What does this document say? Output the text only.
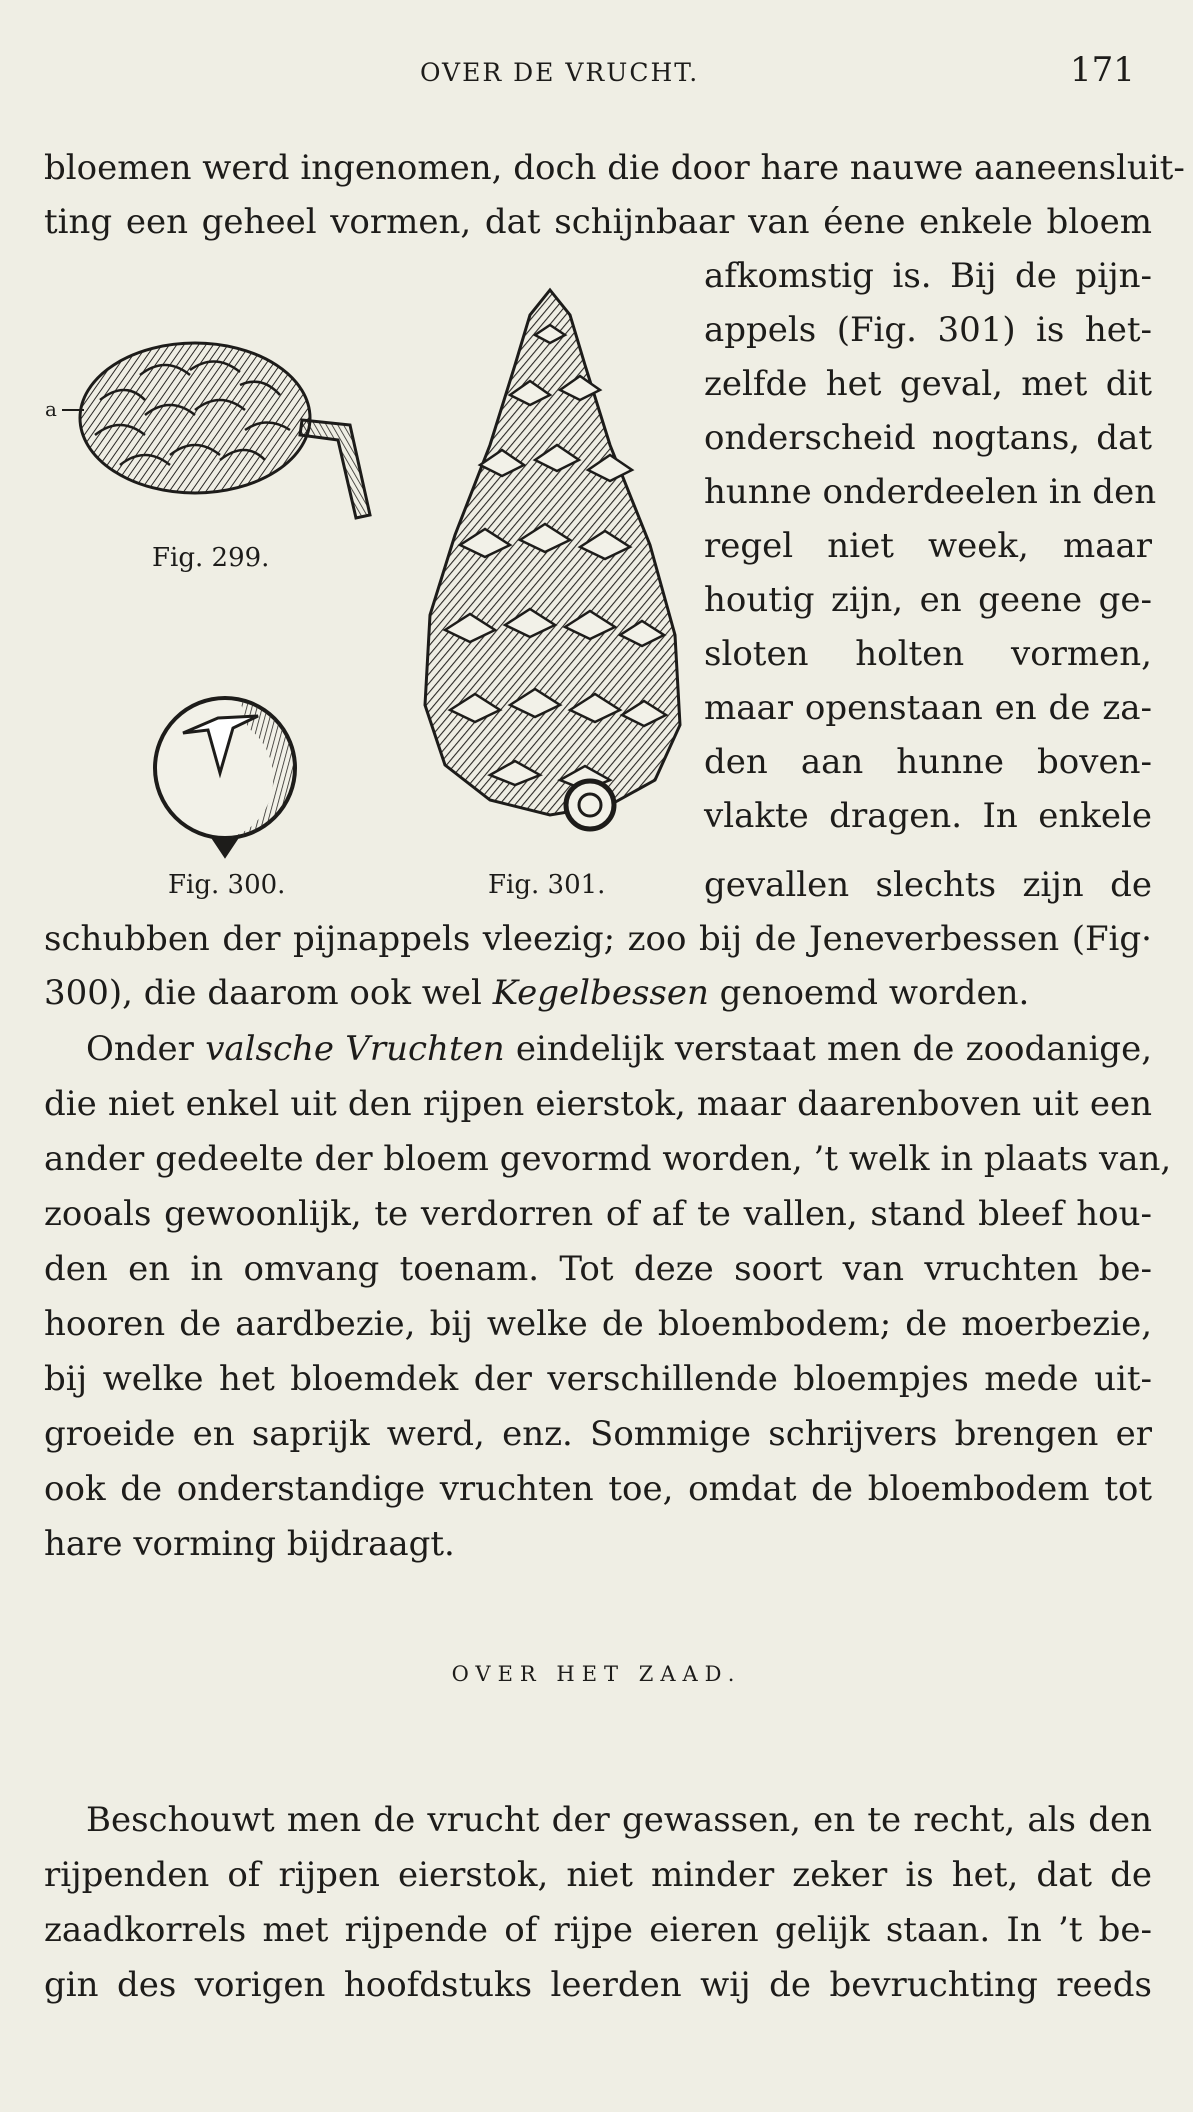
OVER DE VRUCHT.	171
a
Fig. 299.
Fig. 300.	Fig. 301.
bloemen werd ingenomen, doch die door hare nauwe aaneensluit-
ting een geheel vormen, dat schijnbaar van éene enkele bloem
afkomstig is. Bij de pijn-
appels (Fig. 301) is het-
zelfde het geval, met dit
onderscheid nogtans, dat
hunne onderdeelen in den
regel niet week, maar
houtig zijn, en geene ge-
sloten holten vormen,
maar openstaan en de za-
den aan hunne boven-
vlakte dragen. In enkele
gevallen slechts zijn de
schubben der pijnappels vleezig; zoo bij de Jeneverbessen (Fig·
300), die daarom ook wel Kegelbessen genoemd worden.
Onder valsche Vruchten eindelijk verstaat men de zoodanige,
die niet enkel uit den rijpen eierstok, maar daarenboven uit een
ander gedeelte der bloem gevormd worden, ’t welk in plaats van,
zooals gewoonlijk, te verdorren of af te vallen, stand bleef hou-
den en in omvang toenam. Tot deze soort van vruchten be-
hooren de aardbezie, bij welke de bloembodem; de moerbezie,
bij welke het bloemdek der verschillende bloempjes mede uit-
groeide en saprijk werd, enz. Sommige schrijvers brengen er
ook de onderstandige vruchten toe, omdat de bloembodem tot
hare vorming bijdraagt.
OVER HET ZAAD.
Beschouwt men de vrucht der gewassen, en te recht, als den
rijpenden of rijpen eierstok, niet minder zeker is het, dat de
zaadkorrels met rijpende of rijpe eieren gelijk staan. In ’t be-
gin des vorigen hoofdstuks leerden wij de bevruchting reeds
